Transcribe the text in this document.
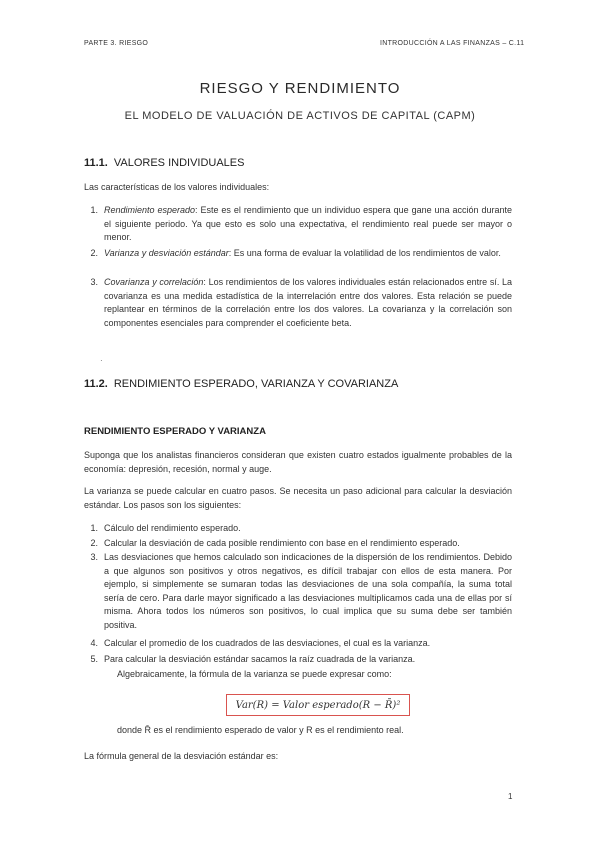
PARTE 3. RIESGO	INTRODUCCIÓN A LAS FINANZAS – C.11
RIESGO Y RENDIMIENTO
EL MODELO DE VALUACIÓN DE ACTIVOS DE CAPITAL (CAPM)
11.1. VALORES INDIVIDUALES
Las características de los valores individuales:
1. Rendimiento esperado: Este es el rendimiento que un individuo espera que gane una acción durante el siguiente periodo. Ya que esto es solo una expectativa, el rendimiento real puede ser mayor o menor.
2. Varianza y desviación estándar: Es una forma de evaluar la volatilidad de los rendimientos de valor.
3. Covarianza y correlación: Los rendimientos de los valores individuales están relacionados entre sí. La covarianza es una medida estadística de la interrelación entre dos valores. Esta relación se puede replantear en términos de la correlación entre los dos valores. La covarianza y la correlación son componentes esenciales para comprender el coeficiente beta.
·
11.2. RENDIMIENTO ESPERADO, VARIANZA Y COVARIANZA
RENDIMIENTO ESPERADO Y VARIANZA
Suponga que los analistas financieros consideran que existen cuatro estados igualmente probables de la economía: depresión, recesión, normal y auge.
La varianza se puede calcular en cuatro pasos. Se necesita un paso adicional para calcular la desviación estándar. Los pasos son los siguientes:
1. Cálculo del rendimiento esperado.
2. Calcular la desviación de cada posible rendimiento con base en el rendimiento esperado.
3. Las desviaciones que hemos calculado son indicaciones de la dispersión de los rendimientos. Debido a que algunos son positivos y otros negativos, es difícil trabajar con ellos de esta manera. Por ejemplo, si simplemente se sumaran todas las desviaciones de una sola compañía, la suma total sería de cero. Para darle mayor significado a las desviaciones multiplicamos cada una de ellas por sí misma. Ahora todos los números son positivos, lo cual implica que su suma debe ser también positiva.
4. Calcular el promedio de los cuadrados de las desviaciones, el cual es la varianza.
5. Para calcular la desviación estándar sacamos la raíz cuadrada de la varianza.
Algebraicamente, la fórmula de la varianza se puede expresar como:
Var(R) = Valor esperado(R − R̄)²
donde R̄ es el rendimiento esperado de valor y R es el rendimiento real.
La fórmula general de la desviación estándar es:
1
